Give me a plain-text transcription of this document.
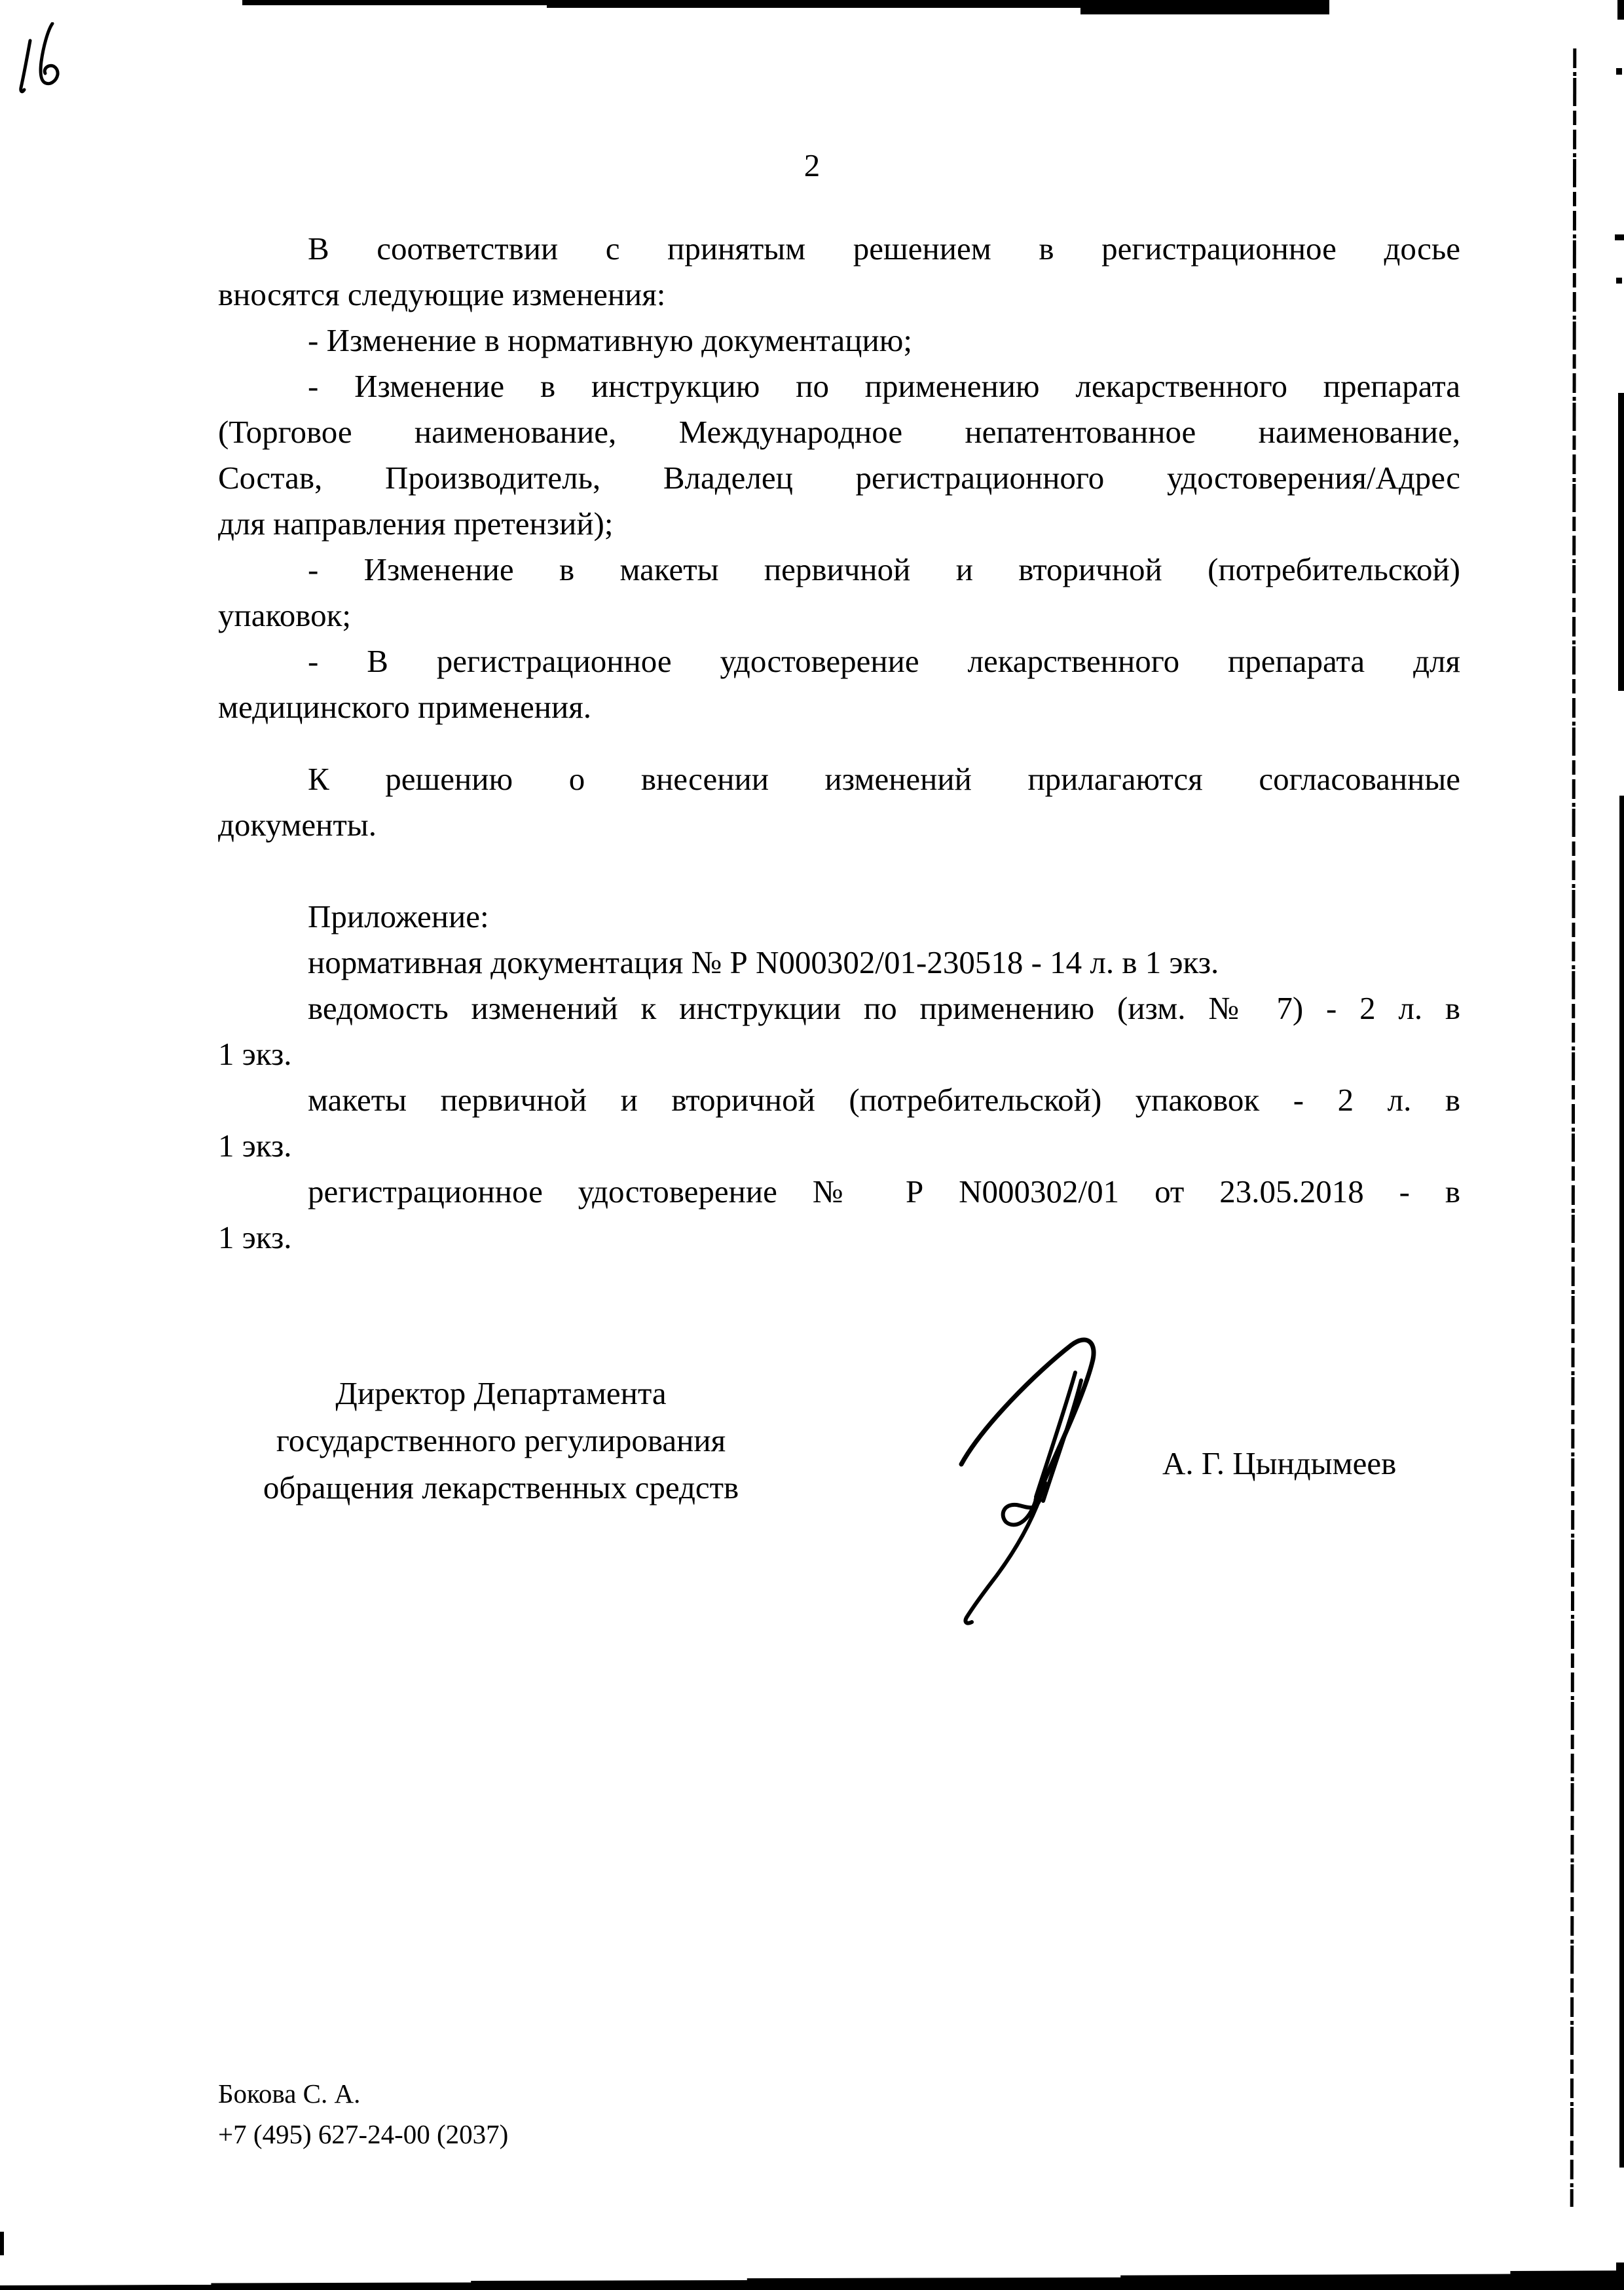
2
В соответствии с принятым решением в регистрационное досье
вносятся следующие изменения:
- Изменение в нормативную документацию;
- Изменение в инструкцию по применению лекарственного препарата
(Торговое наименование, Международное непатентованное наименование,
Состав, Производитель, Владелец регистрационного удостоверения/Адрес
для направления претензий);
- Изменение в макеты первичной и вторичной (потребительской)
упаковок;
- В регистрационное удостоверение лекарственного препарата для
медицинского применения.
К решению о внесении изменений прилагаются согласованные
документы.
Приложение:
нормативная документация № Р N000302/01-230518 - 14 л. в 1 экз.
ведомость изменений к инструкции по применению (изм. № 7) - 2 л. в
1 экз.
макеты первичной и вторичной (потребительской) упаковок - 2 л. в
1 экз.
регистрационное удостоверение № Р N000302/01 от 23.05.2018 - в
1 экз.
Директор Департамента
государственного регулирования
обращения лекарственных средств
А. Г. Цындымеев
Бокова С. А.
+7 (495) 627-24-00 (2037)
